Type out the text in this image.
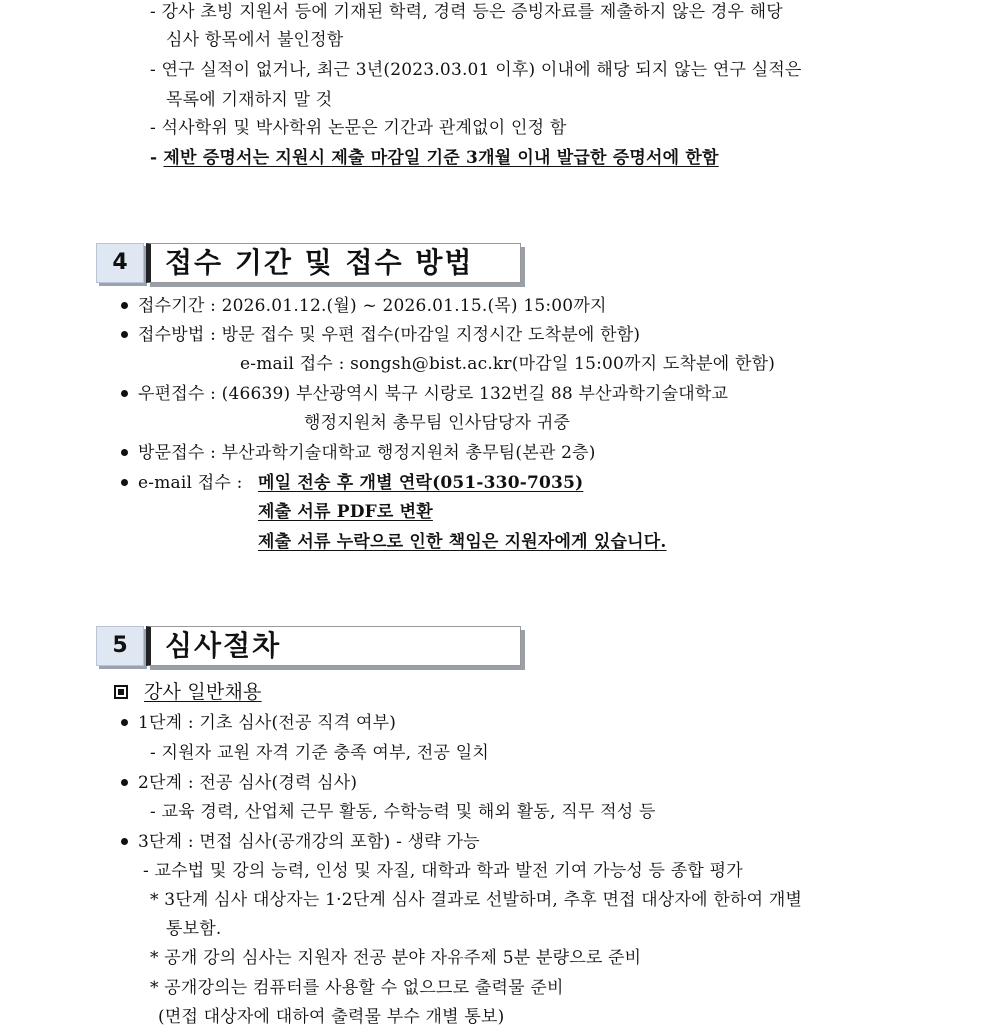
- 강사 초빙 지원서 등에 기재된 학력, 경력 등은 증빙자료를 제출하지 않은 경우 해당
심사 항목에서 불인정함
- 연구 실적이 없거나, 최근 3년(2023.03.01 이후) 이내에 해당 되지 않는 연구 실적은
목록에 기재하지 말 것
- 석사학위 및 박사학위 논문은 기간과 관계없이 인정 함
- 제반 증명서는 지원시 제출 마감일 기준 3개월 이내 발급한 증명서에 한함
4	접수 기간 및 접수 방법
접수기간 : 2026.01.12.(월) ~ 2026.01.15.(목) 15:00까지
접수방법 : 방문 접수 및 우편 접수(마감일 지정시간 도착분에 한함)
e-mail 접수 : songsh@bist.ac.kr(마감일 15:00까지 도착분에 한함)
우편접수 : (46639) 부산광역시 북구 시랑로 132번길 88 부산과학기술대학교
행정지원처 총무팀 인사담당자 귀중
방문접수 : 부산과학기술대학교 행정지원처 총무팀(본관 2층)
e-mail 접수 : 메일 전송 후 개별 연락(051-330-7035)
제출 서류 PDF로 변환
제출 서류 누락으로 인한 책임은 지원자에게 있습니다.
5	심사절차
강사 일반채용
1단계 : 기초 심사(전공 직격 여부)
- 지원자 교원 자격 기준 충족 여부, 전공 일치
2단계 : 전공 심사(경력 심사)
- 교육 경력, 산업체 근무 활동, 수학능력 및 해외 활동, 직무 적성 등
3단계 : 면접 심사(공개강의 포함) - 생략 가능
- 교수법 및 강의 능력, 인성 및 자질, 대학과 학과 발전 기여 가능성 등 종합 평가
* 3단계 심사 대상자는 1·2단계 심사 결과로 선발하며, 추후 면접 대상자에 한하여 개별
통보함.
* 공개 강의 심사는 지원자 전공 분야 자유주제 5분 분량으로 준비
* 공개강의는 컴퓨터를 사용할 수 없으므로 출력물 준비
(면접 대상자에 대하여 출력물 부수 개별 통보)
